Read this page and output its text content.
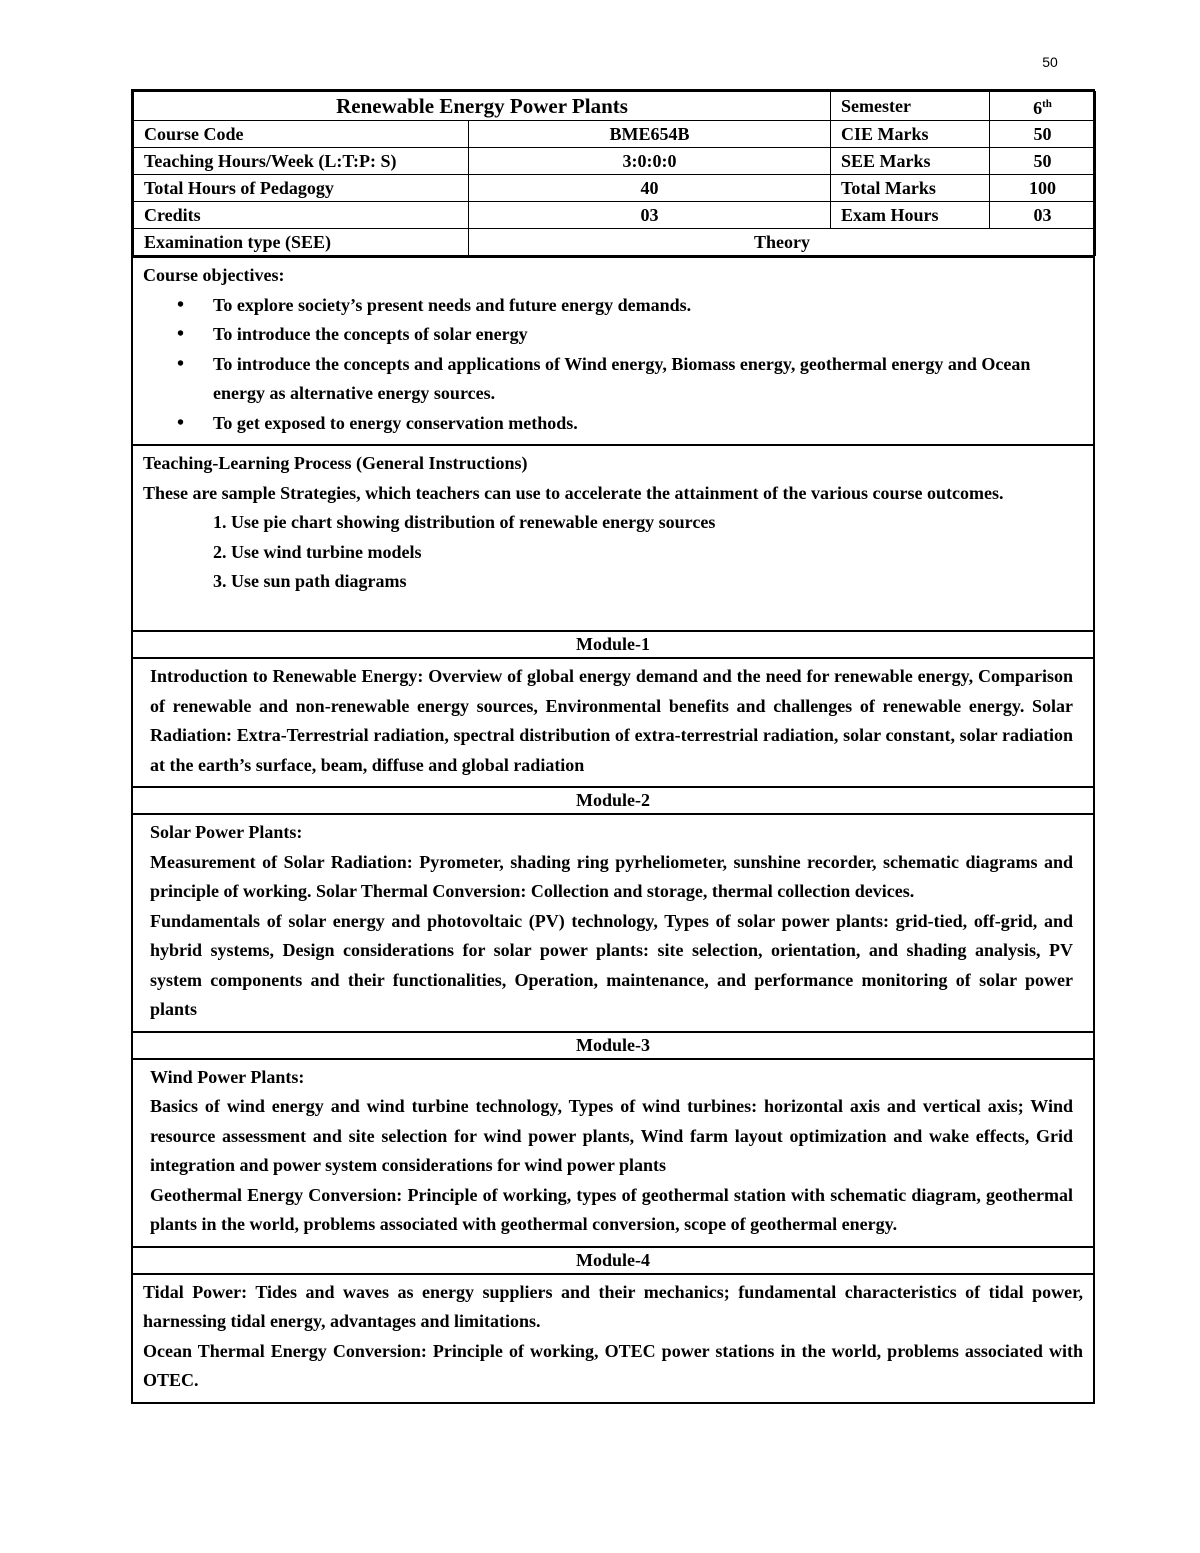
50
Renewable Energy Power Plants		Semester	6th
Course Code	BME654B	CIE Marks	50
Teaching Hours/Week (L:T:P: S)	3:0:0:0	SEE Marks	50
Total Hours of Pedagogy	40	Total Marks	100
Credits	03	Exam Hours	03
Examination type (SEE)	Theory		

Course objectives:

• To explore society’s present needs and future energy demands.
• To introduce the concepts of solar energy
• To introduce the concepts and applications of Wind energy, Biomass energy, geothermal energy and Ocean energy as alternative energy sources.
• To get exposed to energy conservation methods.

Teaching-Learning Process (General Instructions)

These are sample Strategies, which teachers can use to accelerate the attainment of the various course outcomes.

1. Use pie chart showing distribution of renewable energy sources
2. Use wind turbine models
3. Use sun path diagrams
Module-1

Introduction to Renewable Energy: Overview of global energy demand and the need for renewable energy, Comparison of renewable and non-renewable energy sources, Environmental benefits and challenges of renewable energy. Solar Radiation: Extra-Terrestrial radiation, spectral distribution of extra-terrestrial radiation, solar constant, solar radiation at the earth’s surface, beam, diffuse and global radiation

Module-2

Solar Power Plants:

Measurement of Solar Radiation: Pyrometer, shading ring pyrheliometer, sunshine recorder, schematic diagrams and principle of working. Solar Thermal Conversion: Collection and storage, thermal collection devices.

Fundamentals of solar energy and photovoltaic (PV) technology, Types of solar power plants: grid-tied, off-grid, and hybrid systems, Design considerations for solar power plants: site selection, orientation, and shading analysis, PV system components and their functionalities, Operation, maintenance, and performance monitoring of solar power plants

Module-3

Wind Power Plants:

Basics of wind energy and wind turbine technology, Types of wind turbines: horizontal axis and vertical axis; Wind resource assessment and site selection for wind power plants, Wind farm layout optimization and wake effects, Grid integration and power system considerations for wind power plants

Geothermal Energy Conversion: Principle of working, types of geothermal station with schematic diagram, geothermal plants in the world, problems associated with geothermal conversion, scope of geothermal energy.

Module-4

Tidal Power: Tides and waves as energy suppliers and their mechanics; fundamental characteristics of tidal power, harnessing tidal energy, advantages and limitations.

Ocean Thermal Energy Conversion: Principle of working, OTEC power stations in the world, problems associated with OTEC.
